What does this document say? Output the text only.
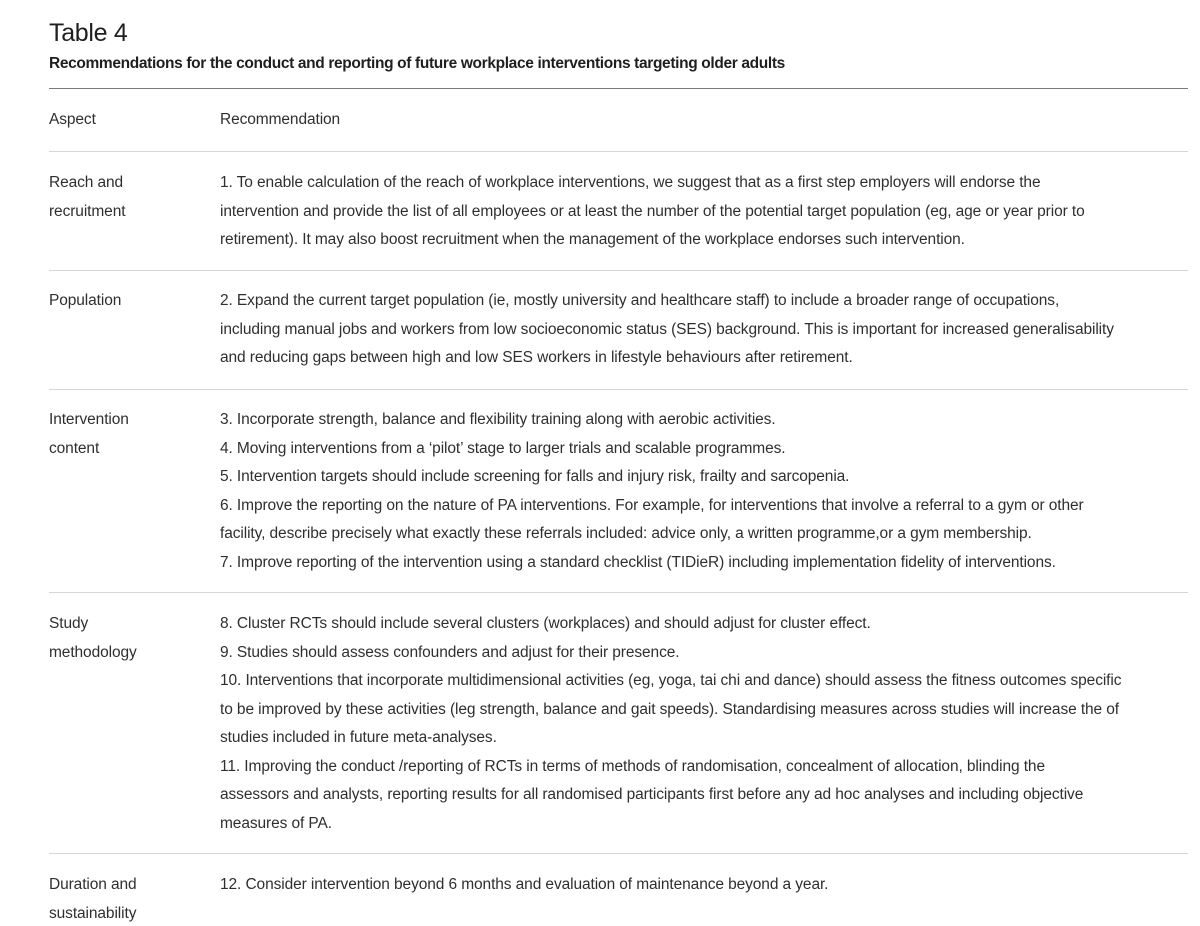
Table 4
Recommendations for the conduct and reporting of future workplace interventions targeting older adults
Aspect	Recommendation
Reach and
recruitment
1. To enable calculation of the reach of workplace interventions, we suggest that as a first step employers will endorse the
intervention and provide the list of all employees or at least the number of the potential target population (eg, age or year prior to
retirement). It may also boost recruitment when the management of the workplace endorses such intervention.
Population	2. Expand the current target population (ie, mostly university and healthcare staff) to include a broader range of occupations,
including manual jobs and workers from low socioeconomic status (SES) background. This is important for increased generalisability
and reducing gaps between high and low SES workers in lifestyle behaviours after retirement.
Intervention
content
3. Incorporate strength, balance and flexibility training along with aerobic activities.
4. Moving interventions from a ‘pilot’ stage to larger trials and scalable programmes.
5. Intervention targets should include screening for falls and injury risk, frailty and sarcopenia.
6. Improve the reporting on the nature of PA interventions. For example, for interventions that involve a referral to a gym or other
facility, describe precisely what exactly these referrals included: advice only, a written programme,or a gym membership.
7. Improve reporting of the intervention using a standard checklist (TIDieR) including implementation fidelity of interventions.
Study
methodology
8. Cluster RCTs should include several clusters (workplaces) and should adjust for cluster effect.
9. Studies should assess confounders and adjust for their presence.
10. Interventions that incorporate multidimensional activities (eg, yoga, tai chi and dance) should assess the fitness outcomes specific
to be improved by these activities (leg strength, balance and gait speeds). Standardising measures across studies will increase the of
studies included in future meta-analyses.
11. Improving the conduct /reporting of RCTs in terms of methods of randomisation, concealment of allocation, blinding the
assessors and analysts, reporting results for all randomised participants first before any ad hoc analyses and including objective
measures of PA.
Duration and
sustainability
12. Consider intervention beyond 6 months and evaluation of maintenance beyond a year.
